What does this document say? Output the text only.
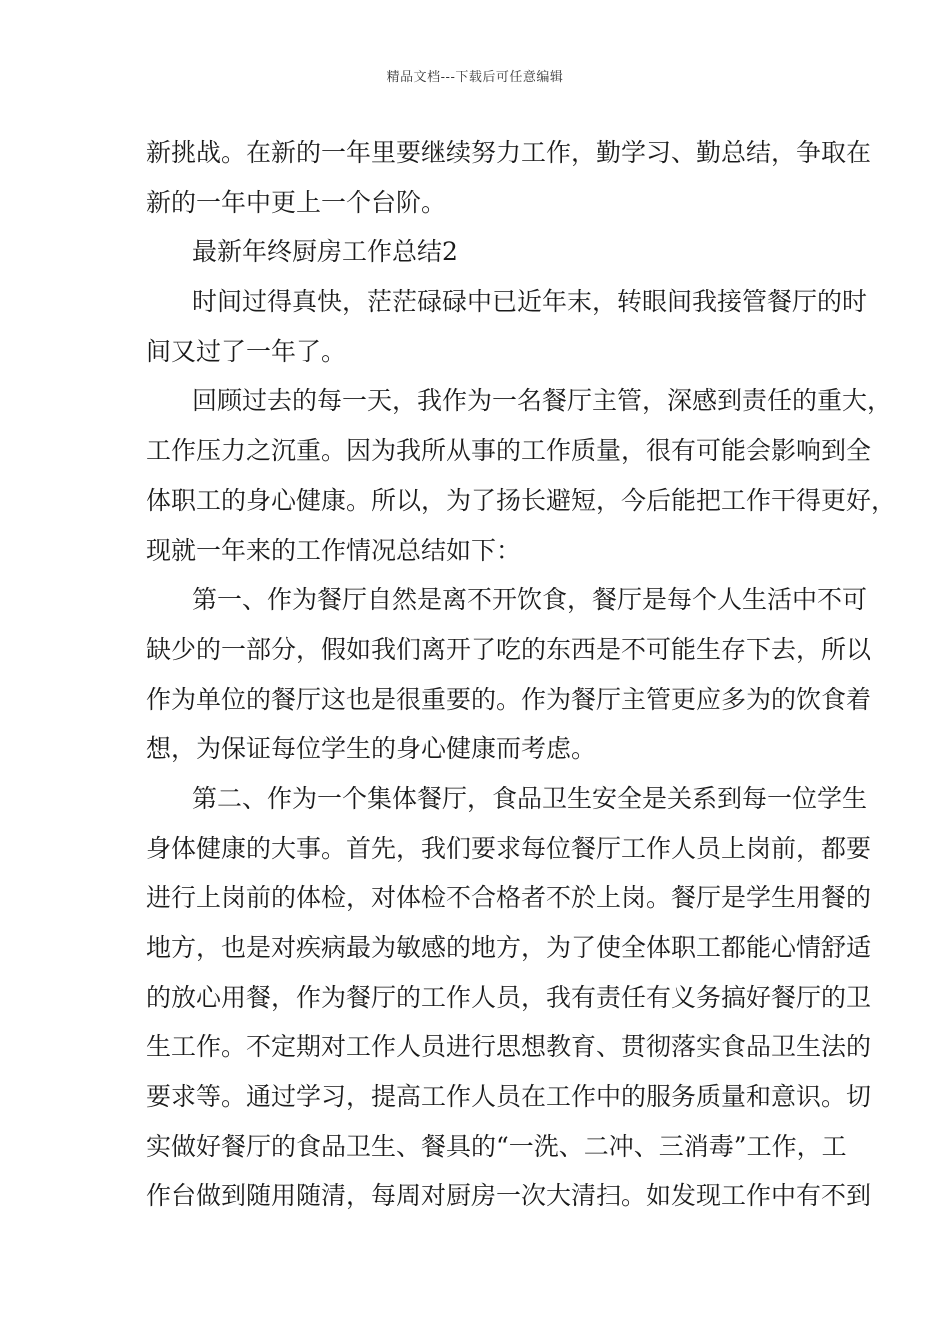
精品文档---下载后可任意编辑
新挑战。在新的一年里要继续努力工作，勤学习、勤总结，争取在
新的一年中更上一个台阶。
最新年终厨房工作总结2
时间过得真快，茫茫碌碌中已近年末，转眼间我接管餐厅的时
间又过了一年了。
回顾过去的每一天，我作为一名餐厅主管，深感到责任的重大，
工作压力之沉重。因为我所从事的工作质量，很有可能会影响到全
体职工的身心健康。所以，为了扬长避短，今后能把工作干得更好，
现就一年来的工作情况总结如下：
第一、作为餐厅自然是离不开饮食，餐厅是每个人生活中不可
缺少的一部分，假如我们离开了吃的东西是不可能生存下去，所以
作为单位的餐厅这也是很重要的。作为餐厅主管更应多为的饮食着
想，为保证每位学生的身心健康而考虑。
第二、作为一个集体餐厅，食品卫生安全是关系到每一位学生
身体健康的大事。首先，我们要求每位餐厅工作人员上岗前，都要
进行上岗前的体检，对体检不合格者不於上岗。餐厅是学生用餐的
地方，也是对疾病最为敏感的地方，为了使全体职工都能心情舒适
的放心用餐，作为餐厅的工作人员，我有责任有义务搞好餐厅的卫
生工作。不定期对工作人员进行思想教育、贯彻落实食品卫生法的
要求等。通过学习，提高工作人员在工作中的服务质量和意识。切
实做好餐厅的食品卫生、餐具的“一洗、二冲、三消毒”工作，工
作台做到随用随清，每周对厨房一次大清扫。如发现工作中有不到
